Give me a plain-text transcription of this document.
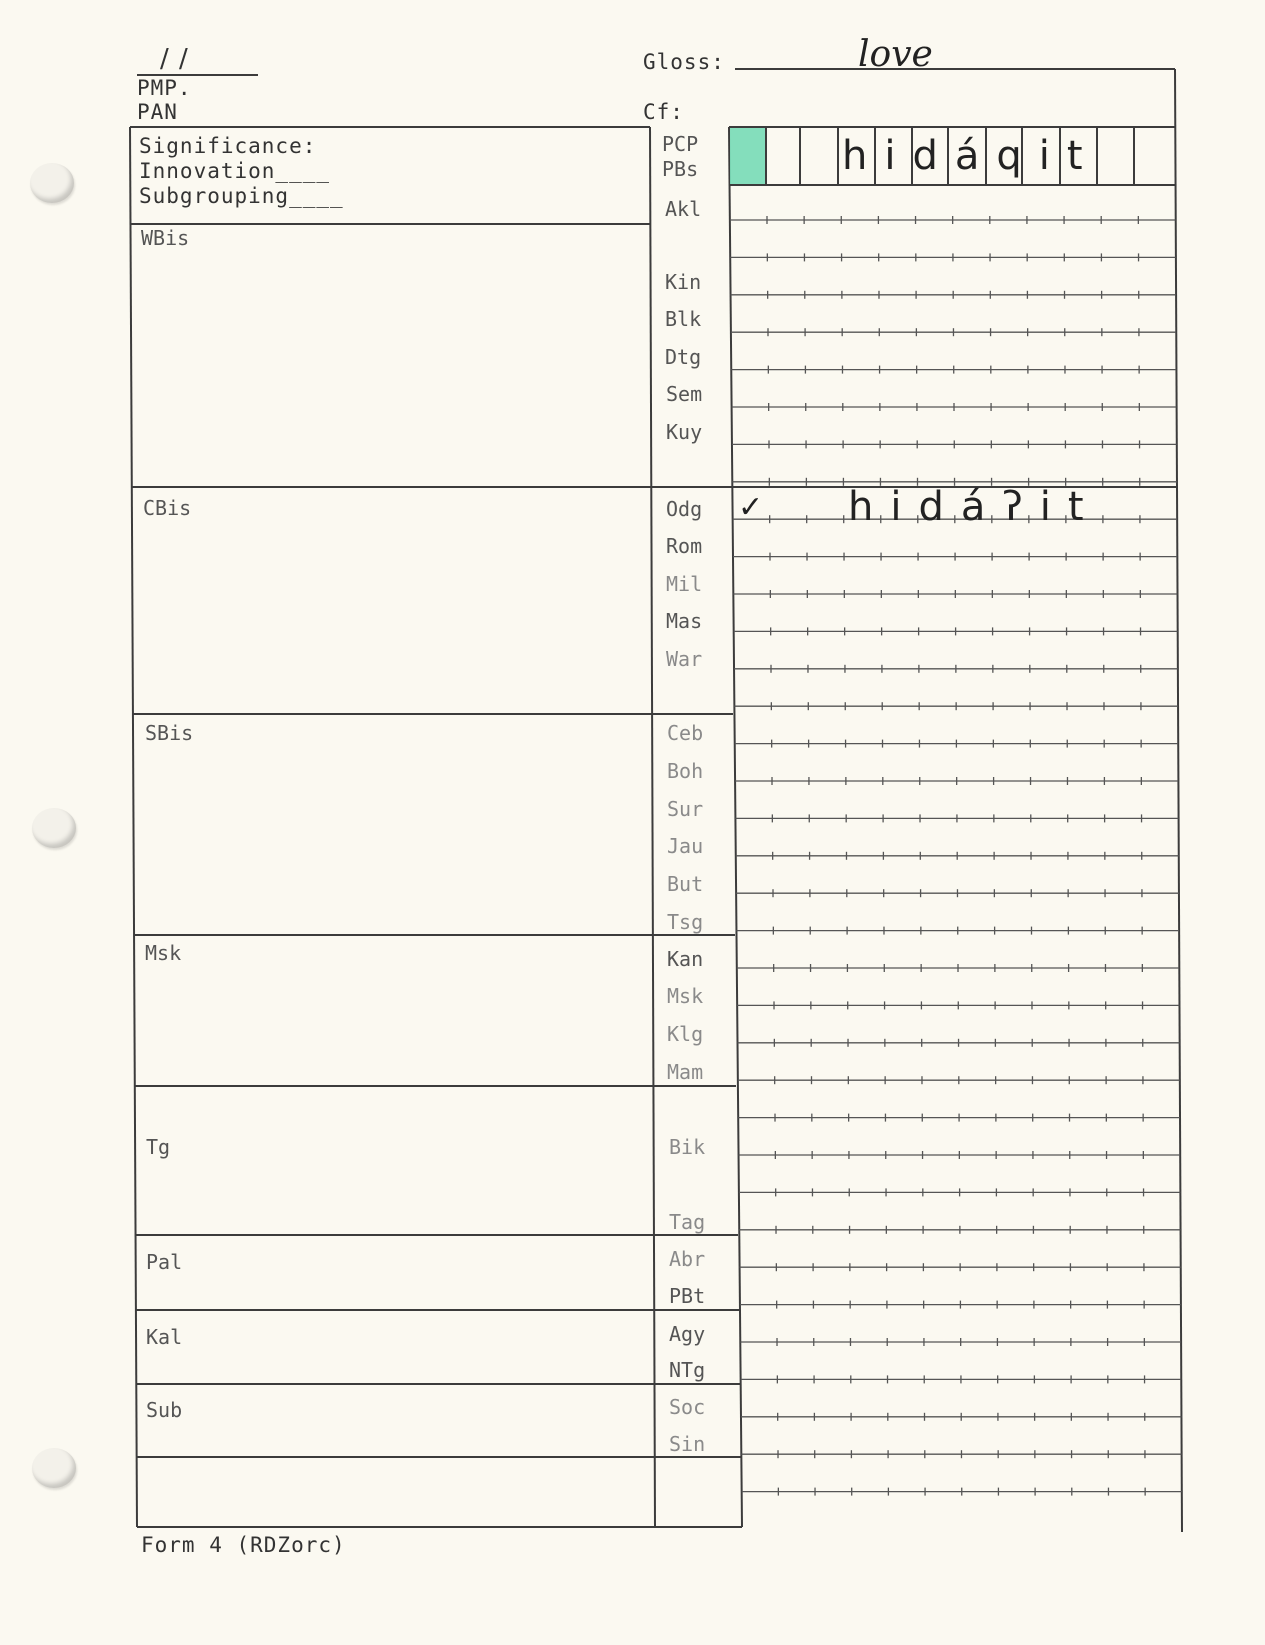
/ /
PMP.
PAN
Gloss:	love
Cf:
Significance:
Innovation____
Subgrouping____
WBis
CBis
SBis
Msk
Tg
Pal
Kal
Sub
PCP
PBs
Akl
Kin
Blk
Dtg
Sem
Kuy
Odg
Rom
Mil
Mas
War
Ceb
Boh
Sur
Jau
But
Tsg
Kan
Msk
Klg
Mam
Bik
Tag
Abr
PBt
Agy
NTg
Soc
Sin
hidáqit
✓ hidáʔit
Form 4 (RDZorc)
